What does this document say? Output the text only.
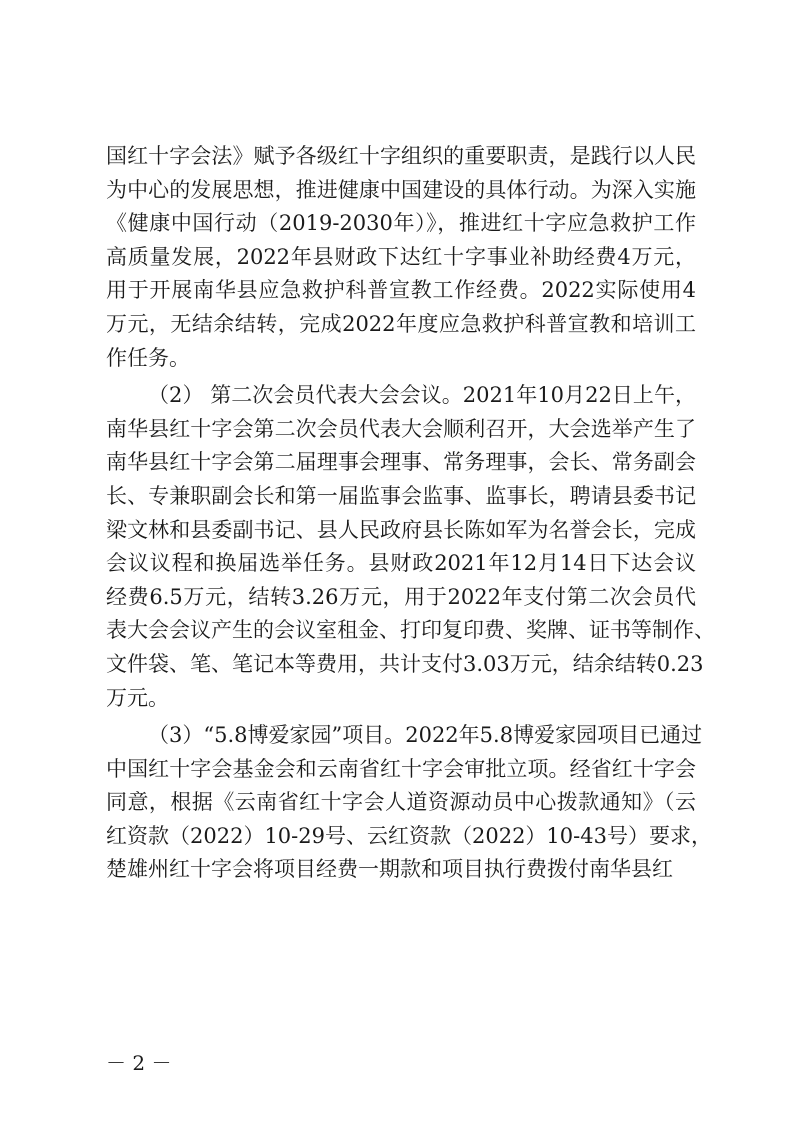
国红十字会法》赋予各级红十字组织的重要职责，是践行以人民
为中心的发展思想，推进健康中国建设的具体行动。为深入实施
《健康中国行动（2019-2030年）》，推进红十字应急救护工作
高质量发展，2022年县财政下达红十字事业补助经费4万元，
用于开展南华县应急救护科普宣教工作经费。2022实际使用4
万元，无结余结转，完成2022年度应急救护科普宣教和培训工
作任务。
（2） 第二次会员代表大会会议。2021年10月22日上午，
南华县红十字会第二次会员代表大会顺利召开，大会选举产生了
南华县红十字会第二届理事会理事、常务理事，会长、常务副会
长、专兼职副会长和第一届监事会监事、监事长，聘请县委书记
梁文林和县委副书记、县人民政府县长陈如军为名誉会长，完成
会议议程和换届选举任务。县财政2021年12月14日下达会议
经费6.5万元，结转3.26万元，用于2022年支付第二次会员代
表大会会议产生的会议室租金、打印复印费、奖牌、证书等制作、
文件袋、笔、笔记本等费用，共计支付3.03万元，结余结转0.23
万元。
（3）“5.8博爱家园”项目。2022年5.8博爱家园项目已通过
中国红十字会基金会和云南省红十字会审批立项。经省红十字会
同意，根据《云南省红十字会人道资源动员中心拨款通知》（云
红资款（2022）10-29号、云红资款（2022）10-43号）要求，
楚雄州红十字会将项目经费一期款和项目执行费拨付南华县红
－ 2 －
